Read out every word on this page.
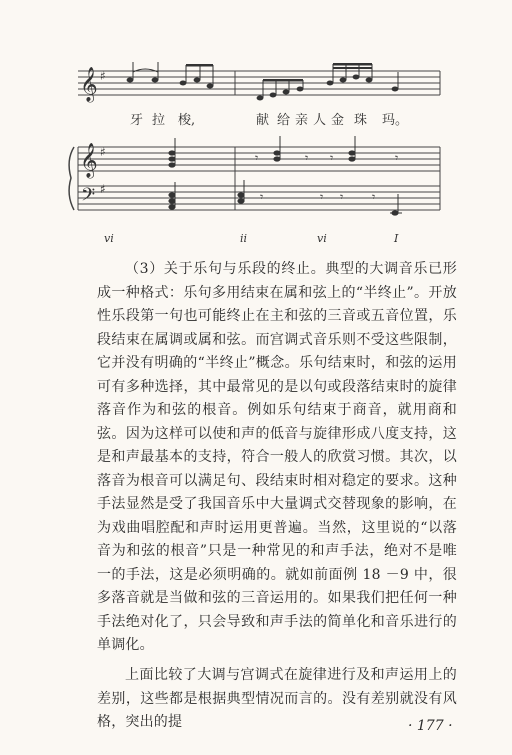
𝄞
𝄞
𝄢
♯
♯
♯
𝄾	𝄾 𝄾	𝄾
𝄾	𝄾 𝄾 𝄾
牙 拉 梭,	献 给 亲 人 金 珠 玛。
vi	ii	vi	I
（3）关于乐句与乐段的终止。典型的大调音乐已形成一种格式：乐句多用结束在属和弦上的“半终止”。开放性乐段第一句也可能终止在主和弦的三音或五音位置，乐段结束在属调或属和弦。而宫调式音乐则不受这些限制，它并没有明确的“半终止”概念。乐句结束时，和弦的运用可有多种选择，其中最常见的是以句或段落结束时的旋律落音作为和弦的根音。例如乐句结束于商音，就用商和弦。因为这样可以使和声的低音与旋律形成八度支持，这是和声最基本的支持，符合一般人的欣赏习惯。其次，以落音为根音可以满足句、段结束时相对稳定的要求。这种手法显然是受了我国音乐中大量调式交替现象的影响，在为戏曲唱腔配和声时运用更普遍。当然，这里说的“以落音为和弦的根音”只是一种常见的和声手法，绝对不是唯一的手法，这是必须明确的。就如前面例 18 －9 中，很多落音就是当做和弦的三音运用的。如果我们把任何一种手法绝对化了，只会导致和声手法的简单化和音乐进行的单调化。
上面比较了大调与宫调式在旋律进行及和声运用上的差别，这些都是根据典型情况而言的。没有差别就没有风格，突出的提	· 177 ·
